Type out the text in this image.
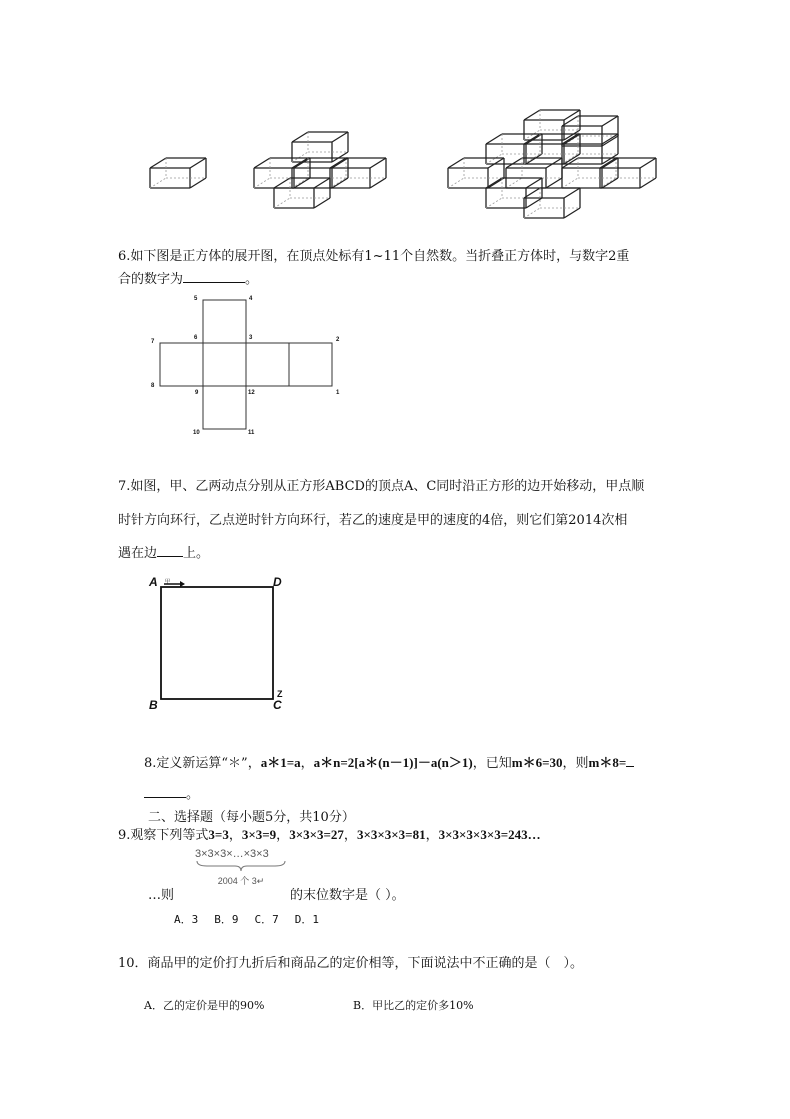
6.如下图是正方体的展开图，在顶点处标有1~11个自然数。当折叠正方体时，与数字2重
合的数字为	。
5	4
7
6	3	2
8
9	12	1
10	11
7.如图，甲、乙两动点分别从正方形ABCD的顶点A、C同时沿正方形的边开始移动，甲点顺
时针方向环行，乙点逆时针方向环行，若乙的速度是甲的速度的4倍，则它们第2014次相
遇在边 上。
A	D
B	C
甲
Z
8.定义新运算“＊”，a＊1=a，a＊n=2[a＊(n－1)]－a(n＞1)，已知m＊6=30，则m＊8=
。
二、选择题（每小题5分，共10分）
9.观察下列等式3=3，3×3=9，3×3×3=27，3×3×3×3=81，3×3×3×3×3=243…
3×3×3×…×3×3
2004 个 3↵
…则	的末位数字是（ ）。
A．3 B．9 C．7 D．1
10．商品甲的定价打九折后和商品乙的定价相等，下面说法中不正确的是（　）。
A．乙的定价是甲的90%	B．甲比乙的定价多10%
